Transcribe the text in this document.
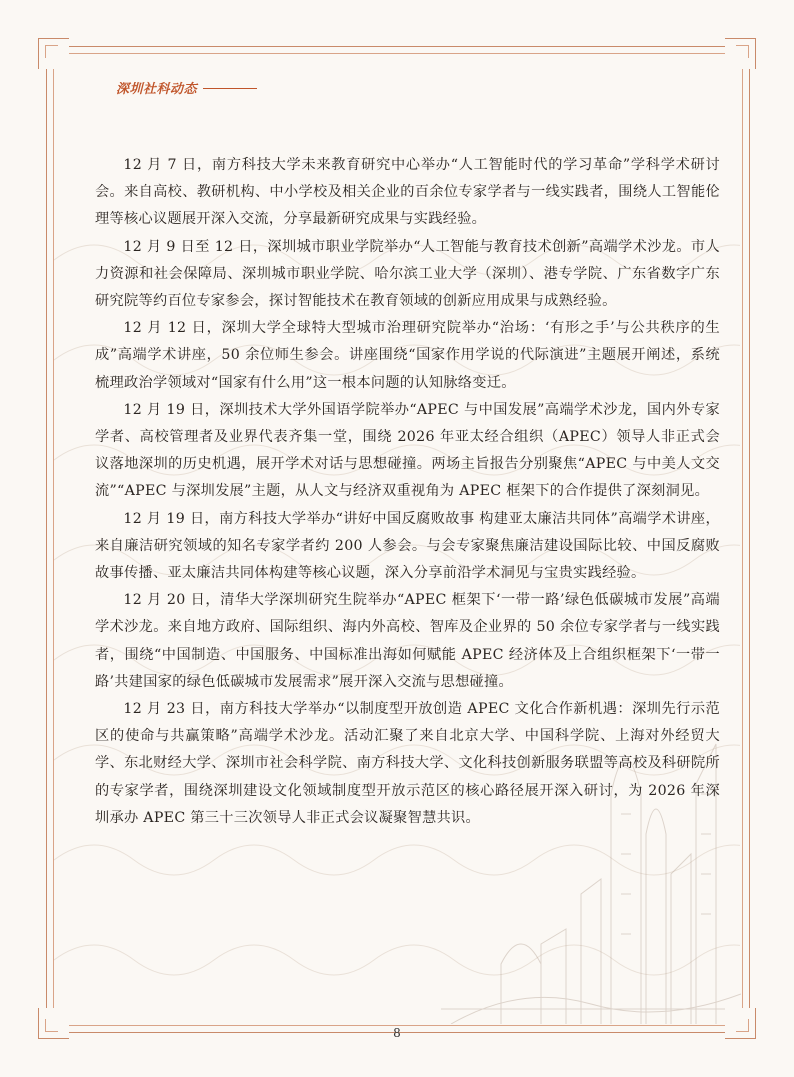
深圳社科动态

12 月 7 日，南方科技大学未来教育研究中心举办“人工智能时代的学习革命”学科学术研讨会。来自高校、教研机构、中小学校及相关企业的百余位专家学者与一线实践者，围绕人工智能伦理等核心议题展开深入交流，分享最新研究成果与实践经验。

12 月 9 日至 12 日，深圳城市职业学院举办“人工智能与教育技术创新”高端学术沙龙。市人力资源和社会保障局、深圳城市职业学院、哈尔滨工业大学（深圳）、港专学院、广东省数字广东研究院等约百位专家参会，探讨智能技术在教育领域的创新应用成果与成熟经验。

12 月 12 日，深圳大学全球特大型城市治理研究院举办“治场：‘有形之手’与公共秩序的生成”高端学术讲座，50 余位师生参会。讲座围绕“国家作用学说的代际演进”主题展开阐述，系统梳理政治学领域对“国家有什么用”这一根本问题的认知脉络变迁。

12 月 19 日，深圳技术大学外国语学院举办“APEC 与中国发展”高端学术沙龙，国内外专家学者、高校管理者及业界代表齐集一堂，围绕 2026 年亚太经合组织（APEC）领导人非正式会议落地深圳的历史机遇，展开学术对话与思想碰撞。两场主旨报告分别聚焦“APEC 与中美人文交流”“APEC 与深圳发展”主题，从人文与经济双重视角为 APEC 框架下的合作提供了深刻洞见。

12 月 19 日，南方科技大学举办“讲好中国反腐败故事 构建亚太廉洁共同体”高端学术讲座，来自廉洁研究领域的知名专家学者约 200 人参会。与会专家聚焦廉洁建设国际比较、中国反腐败故事传播、亚太廉洁共同体构建等核心议题，深入分享前沿学术洞见与宝贵实践经验。

12 月 20 日，清华大学深圳研究生院举办“APEC 框架下‘一带一路’绿色低碳城市发展”高端学术沙龙。来自地方政府、国际组织、海内外高校、智库及企业界的 50 余位专家学者与一线实践者，围绕“中国制造、中国服务、中国标准出海如何赋能 APEC 经济体及上合组织框架下‘一带一路’共建国家的绿色低碳城市发展需求”展开深入交流与思想碰撞。

12 月 23 日，南方科技大学举办“以制度型开放创造 APEC 文化合作新机遇：深圳先行示范区的使命与共赢策略”高端学术沙龙。活动汇聚了来自北京大学、中国科学院、上海对外经贸大学、东北财经大学、深圳市社会科学院、南方科技大学、文化科技创新服务联盟等高校及科研院所的专家学者，围绕深圳建设文化领域制度型开放示范区的核心路径展开深入研讨，为 2026 年深圳承办 APEC 第三十三次领导人非正式会议凝聚智慧共识。

8
